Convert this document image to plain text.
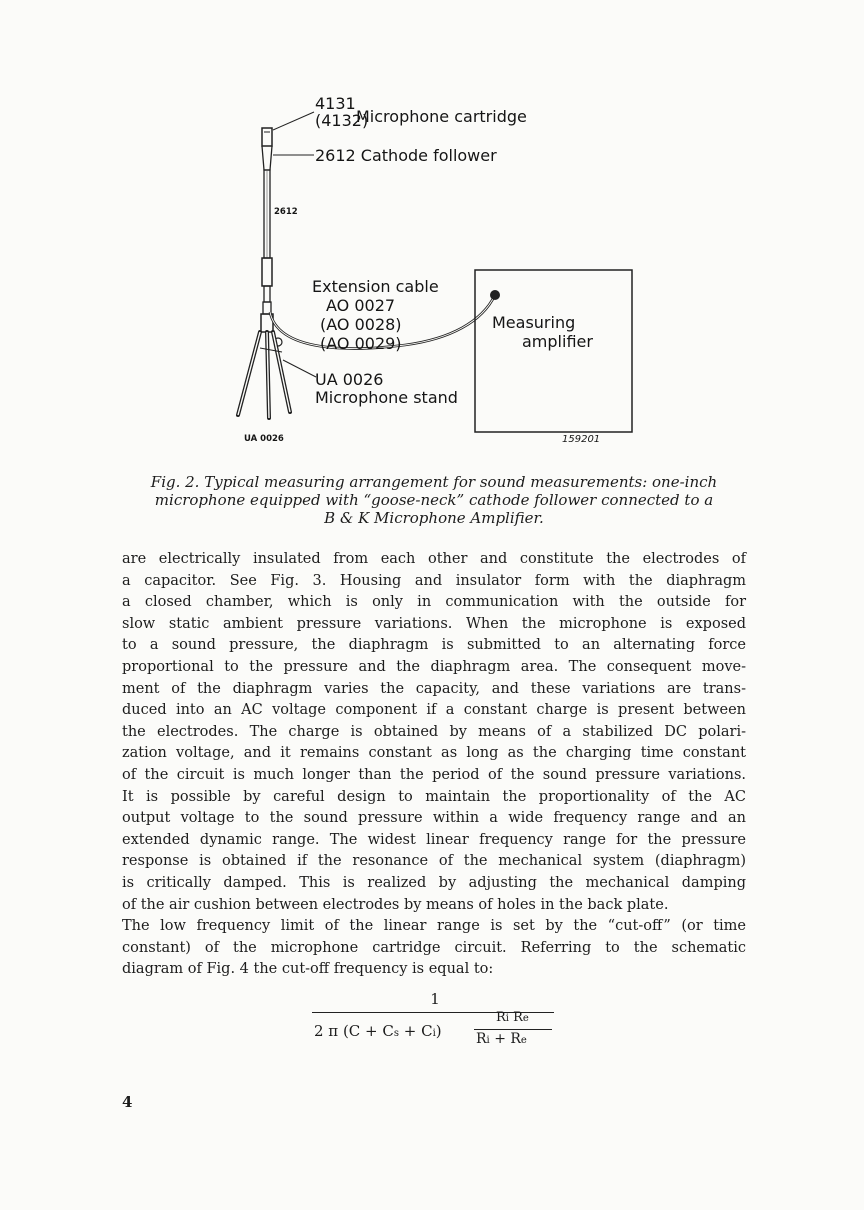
4131
(4132)
Microphone cartridge
2612 Cathode follower
2612
Extension cable
AO 0027
(AO 0028)
(AO 0029)
Measuring
amplifier
UA 0026
Microphone stand
UA 0026	159201
Fig. 2. Typical measuring arrangement for sound measurements: one-inch
microphone equipped with “goose-neck” cathode follower connected to a
B & K Microphone Amplifier.
are electrically insulated from each other and constitute the electrodes of
a capacitor. See Fig. 3. Housing and insulator form with the diaphragm
a closed chamber, which is only in communication with the outside for
slow static ambient pressure variations. When the microphone is exposed
to a sound pressure, the diaphragm is submitted to an alternating force
proportional to the pressure and the diaphragm area. The consequent move-
ment of the diaphragm varies the capacity, and these variations are trans-
duced into an AC voltage component if a constant charge is present between
the electrodes. The charge is obtained by means of a stabilized DC polari-
zation voltage, and it remains constant as long as the charging time constant
of the circuit is much longer than the period of the sound pressure variations.
It is possible by careful design to maintain the proportionality of the AC
output voltage to the sound pressure within a wide frequency range and an
extended dynamic range. The widest linear frequency range for the pressure
response is obtained if the resonance of the mechanical system (diaphragm)
is critically damped. This is realized by adjusting the mechanical damping
of the air cushion between electrodes by means of holes in the back plate.
The low frequency limit of the linear range is set by the “cut-off” (or time
constant) of the microphone cartridge circuit. Referring to the schematic
diagram of Fig. 4 the cut-off frequency is equal to:
1
2 π (C + Cs + Ci)
Ri Re
Ri + Re
4
